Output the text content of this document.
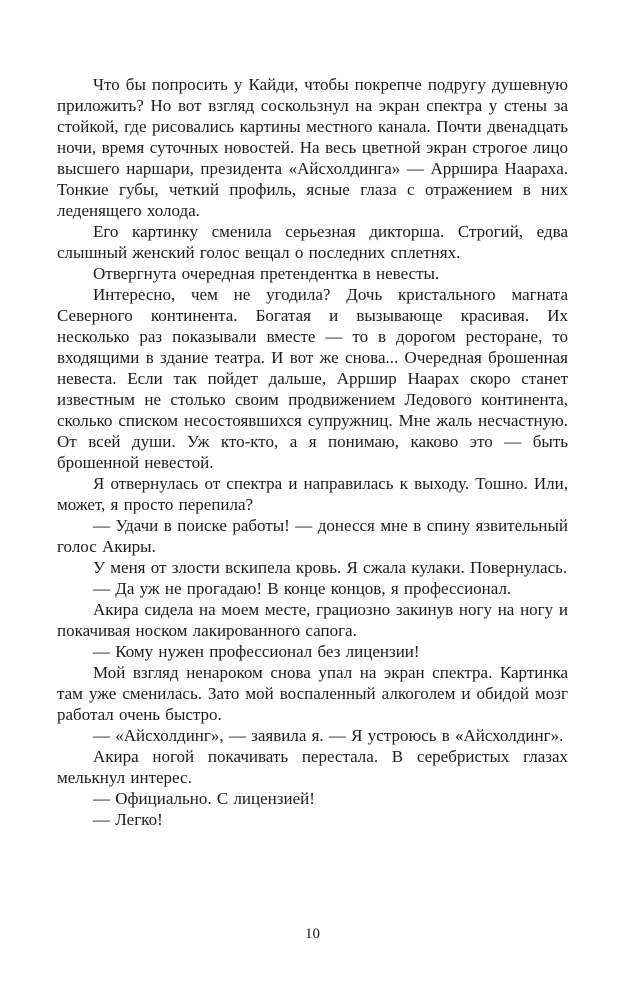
Что бы попросить у Кайди, чтобы покрепче подругу душевную приложить? Но вот взгляд соскользнул на экран спектра у стены за стойкой, где рисовались картины местного канала. Почти двенадцать ночи, время суточных новостей. На весь цветной экран строгое лицо высшего наршари, президента «Айсхолдинга» — Арршира Наараха. Тонкие губы, четкий профиль, ясные глаза с отражением в них леденящего холода.

Его картинку сменила серьезная дикторша. Строгий, едва слышный женский голос вещал о последних сплетнях.

Отвергнута очередная претендентка в невесты.

Интересно, чем не угодила? Дочь кристального магната Северного континента. Богатая и вызывающе красивая. Их несколько раз показывали вместе — то в дорогом ресторане, то входящими в здание театра. И вот же снова... Очередная брошенная невеста. Если так пойдет дальше, Арршир Наарах скоро станет известным не столько своим продвижением Ледового континента, сколько списком несостоявшихся супружниц. Мне жаль несчастную. От всей души. Уж кто-кто, а я понимаю, каково это — быть брошенной невестой.

Я отвернулась от спектра и направилась к выходу. Тошно. Или, может, я просто перепила?

— Удачи в поиске работы! — донесся мне в спину язвительный голос Акиры.

У меня от злости вскипела кровь. Я сжала кулаки. Повернулась.

— Да уж не прогадаю! В конце концов, я профессионал.

Акира сидела на моем месте, грациозно закинув ногу на ногу и покачивая носком лакированного сапога.

— Кому нужен профессионал без лицензии!

Мой взгляд ненароком снова упал на экран спектра. Картинка там уже сменилась. Зато мой воспаленный алкоголем и обидой мозг работал очень быстро.

— «Айсхолдинг», — заявила я. — Я устроюсь в «Айсхолдинг».

Акира ногой покачивать перестала. В серебристых глазах мелькнул интерес.

— Официально. С лицензией!

— Легко!

10
